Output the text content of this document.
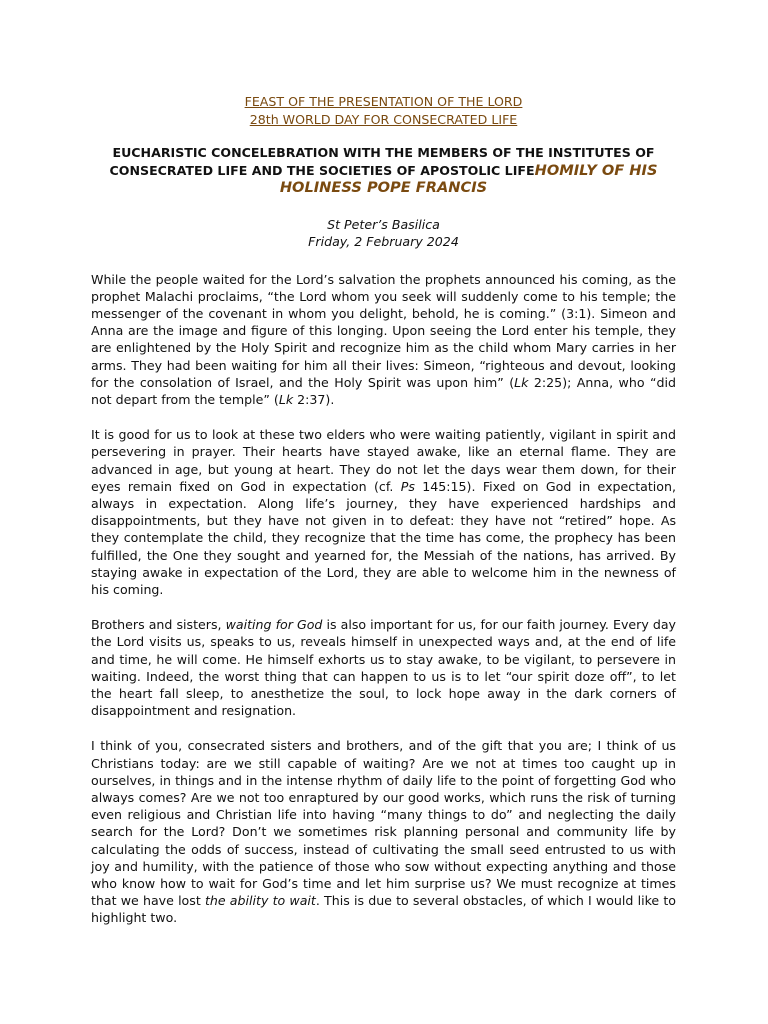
FEAST OF THE PRESENTATION OF THE LORD
28th WORLD DAY FOR CONSECRATED LIFE
EUCHARISTIC CONCELEBRATION WITH THE MEMBERS OF THE INSTITUTES OF CONSECRATED LIFE AND THE SOCIETIES OF APOSTOLIC LIFEHOMILY OF HIS HOLINESS POPE FRANCIS
St Peter’s Basilica
Friday, 2 February 2024

While the people waited for the Lord’s salvation the prophets announced his coming, as the prophet Malachi proclaims, “the Lord whom you seek will suddenly come to his temple; the messenger of the covenant in whom you delight, behold, he is coming.” (3:1). Simeon and Anna are the image and figure of this longing. Upon seeing the Lord enter his temple, they are enlightened by the Holy Spirit and recognize him as the child whom Mary carries in her arms. They had been waiting for him all their lives: Simeon, “righteous and devout, looking for the consolation of Israel, and the Holy Spirit was upon him” (Lk 2:25); Anna, who “did not depart from the temple” (Lk 2:37).

It is good for us to look at these two elders who were waiting patiently, vigilant in spirit and persevering in prayer. Their hearts have stayed awake, like an eternal flame. They are advanced in age, but young at heart. They do not let the days wear them down, for their eyes remain fixed on God in expectation (cf. Ps 145:15). Fixed on God in expectation, always in expectation. Along life’s journey, they have experienced hardships and disappointments, but they have not given in to defeat: they have not “retired” hope. As they contemplate the child, they recognize that the time has come, the prophecy has been fulfilled, the One they sought and yearned for, the Messiah of the nations, has arrived. By staying awake in expectation of the Lord, they are able to welcome him in the newness of his coming.

Brothers and sisters, waiting for God is also important for us, for our faith journey. Every day the Lord visits us, speaks to us, reveals himself in unexpected ways and, at the end of life and time, he will come. He himself exhorts us to stay awake, to be vigilant, to persevere in waiting. Indeed, the worst thing that can happen to us is to let “our spirit doze off”, to let the heart fall sleep, to anesthetize the soul, to lock hope away in the dark corners of disappointment and resignation.

I think of you, consecrated sisters and brothers, and of the gift that you are; I think of us Christians today: are we still capable of waiting? Are we not at times too caught up in ourselves, in things and in the intense rhythm of daily life to the point of forgetting God who always comes? Are we not too enraptured by our good works, which runs the risk of turning even religious and Christian life into having “many things to do” and neglecting the daily search for the Lord? Don’t we sometimes risk planning personal and community life by calculating the odds of success, instead of cultivating the small seed entrusted to us with joy and humility, with the patience of those who sow without expecting anything and those who know how to wait for God’s time and let him surprise us? We must recognize at times that we have lost the ability to wait. This is due to several obstacles, of which I would like to highlight two.
